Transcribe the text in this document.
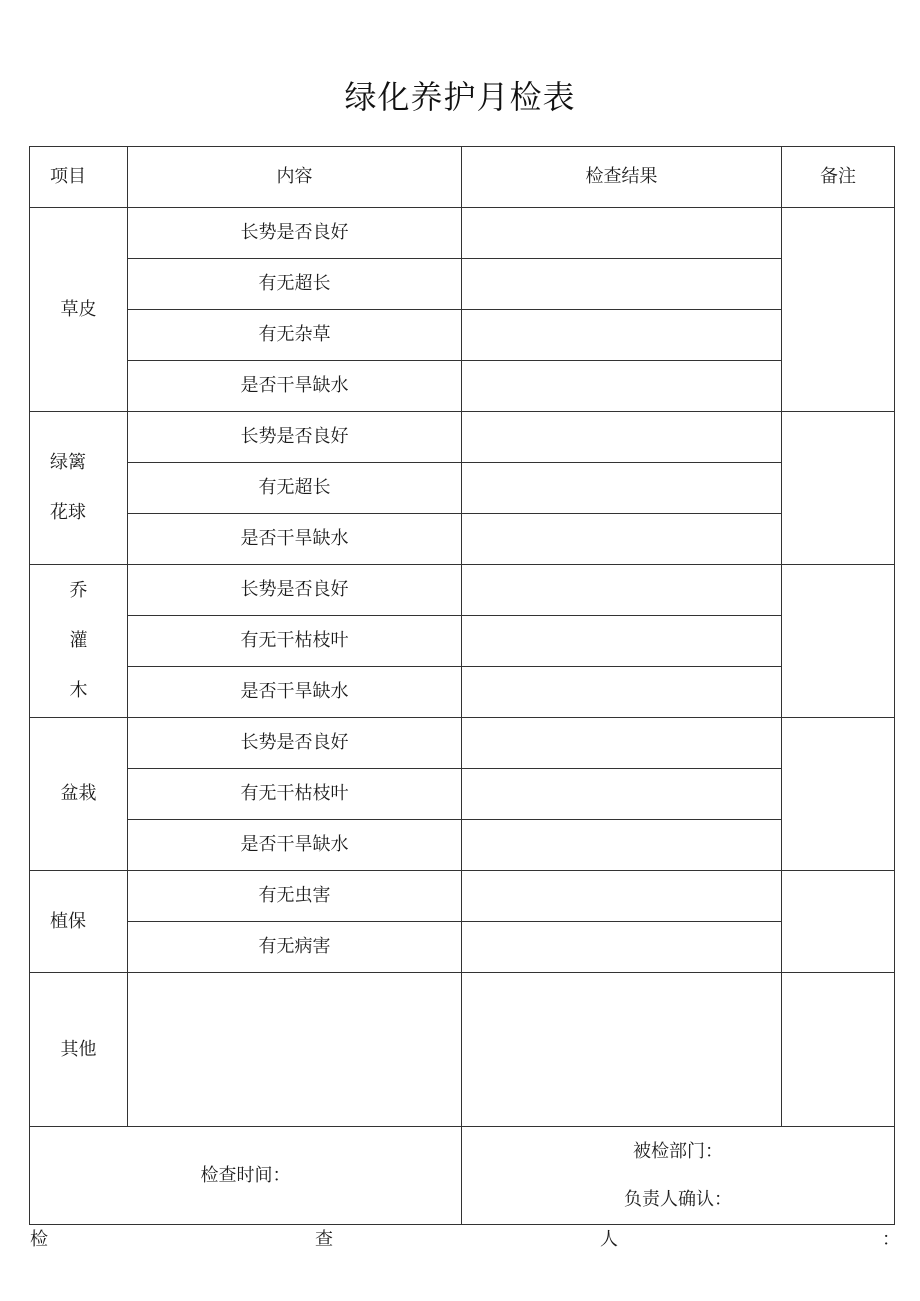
绿化养护月检表
项目	内容	检查结果	备注
草皮	长势是否良好		
	有无超长		
	有无杂草		
	是否干旱缺水		

绿篱
花球	长势是否良好		
	有无超长		
	是否干旱缺水		

乔
灌
木	长势是否良好		
	有无干枯枝叶		
	是否干旱缺水		
盆栽	长势是否良好		
	有无干枯枝叶		
	是否干旱缺水		
植保	有无虫害		
	有无病害		
其他			
检查时间：		被检部门：
负责人确认：	
检	查	人	：
